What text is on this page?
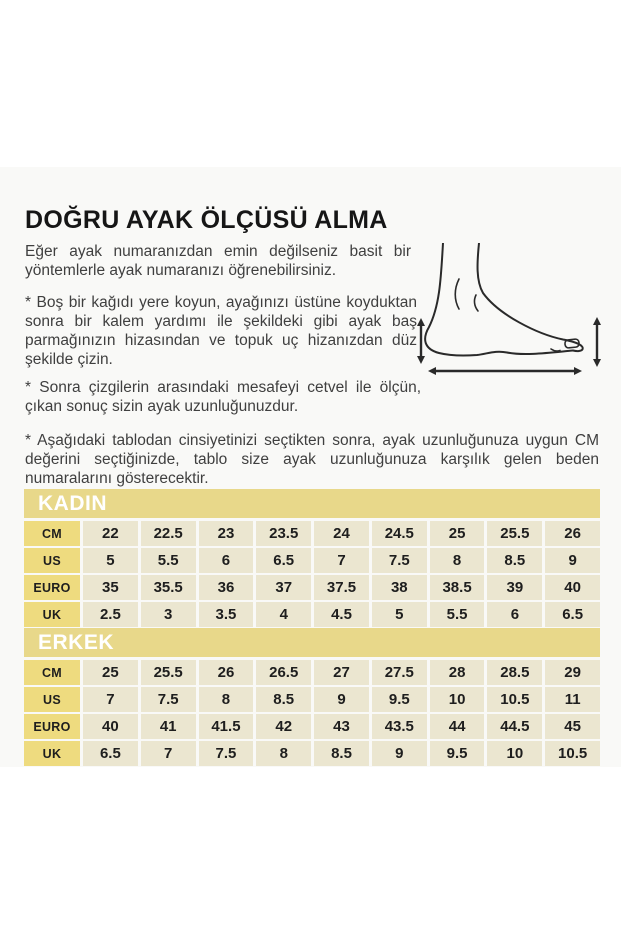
DOĞRU AYAK ÖLÇÜSÜ ALMA

Eğer ayak numaranızdan emin değilseniz basit bir yöntemlerle ayak numaranızı öğrenebilirsiniz.

* Boş bir kağıdı yere koyun, ayağınızı üstüne koyduktan sonra bir kalem yardımı ile şekildeki gibi ayak baş parmağınızın hizasından ve topuk uç hizanızdan düz şekilde çizin.

* Sonra çizgilerin arasındaki mesafeyi cetvel ile ölçün, çıkan sonuç sizin ayak uzunluğunuzdur.

* Aşağıdaki tablodan cinsiyetinizi seçtikten sonra, ayak uzunluğunuza uygun CM değerini seçtiğinizde, tablo size ayak uzunluğunuza karşılık gelen beden numaralarını gösterecektir.

KADIN
CM	22	22.5	23	23.5	24	24.5	25	25.5	26
US	5	5.5	6	6.5	7	7.5	8	8.5	9
EURO	35	35.5	36	37	37.5	38	38.5	39	40
UK	2.5	3	3.5	4	4.5	5	5.5	6	6.5
ERKEK
CM	25	25.5	26	26.5	27	27.5	28	28.5	29
US	7	7.5	8	8.5	9	9.5	10	10.5	11
EURO	40	41	41.5	42	43	43.5	44	44.5	45
UK	6.5	7	7.5	8	8.5	9	9.5	10	10.5
